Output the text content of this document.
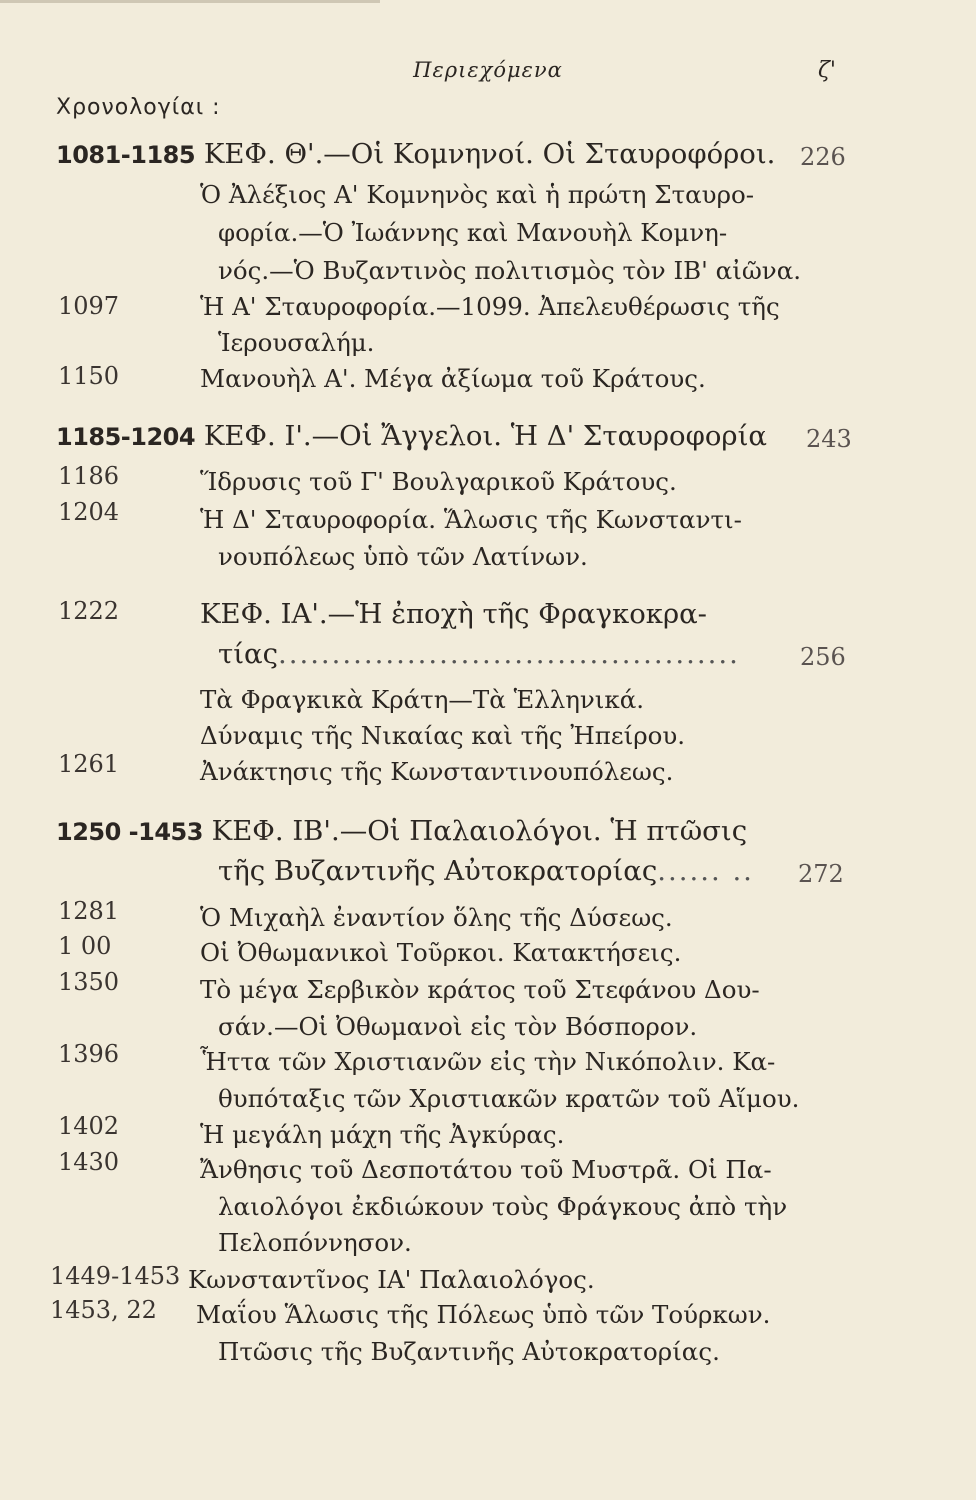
Περιεχόμενα	ζ'
Χρονολογίαι :
1081-1185 ΚΕΦ. Θ'.—Οἱ Κομνηνοί. Οἱ Σταυροφόροι. 226
Ὁ Ἀλέξιος Α' Κομνηνὸς καὶ ἡ πρώτη Σταυρο-
φορία.—Ὁ Ἰωάννης καὶ Μανουὴλ Κομνη-
νός.—Ὁ Βυζαντινὸς πολιτισμὸς τὸν ΙΒ' αἰῶνα.
1097	Ἡ Α' Σταυροφορία.—1099. Ἀπελευθέρωσις τῆς
Ἱερουσαλήμ.
1150	Μανουὴλ Α'. Μέγα ἀξίωμα τοῦ Κράτους.
1185-1204 ΚΕΦ. Ι'.—Οἱ Ἄγγελοι. Ἡ Δ' Σταυροφορία 243
1186	Ἵδρυσις τοῦ Γ' Βουλγαρικοῦ Κράτους.
1204	Ἡ Δ' Σταυροφορία. Ἅλωσις τῆς Κωνσταντι-
νουπόλεως ὑπὸ τῶν Λατίνων.
1222	ΚΕΦ. ΙΑ'.—Ἡ ἐποχὴ τῆς Φραγκοκρα-
τίας...........................................	256
Τὰ Φραγκικὰ Κράτη—Τὰ Ἑλληνικά.
Δύναμις τῆς Νικαίας καὶ τῆς Ἠπείρου.
1261	Ἀνάκτησις τῆς Κωνσταντινουπόλεως.
1250 -1453 ΚΕΦ. ΙΒ'.—Οἱ Παλαιολόγοι. Ἡ πτῶσις
τῆς Βυζαντινῆς Αὐτοκρατορίας...... .. 272
1281	Ὁ Μιχαὴλ ἐναντίον ὅλης τῆς Δύσεως.
1 00	Οἱ Ὀθωμανικοὶ Τοῦρκοι. Κατακτήσεις.
1350	Τὸ μέγα Σερβικὸν κράτος τοῦ Στεφάνου Δου-
σάν.—Οἱ Ὀθωμανοὶ εἰς τὸν Βόσπορον.
1396	Ἧττα τῶν Χριστιανῶν εἰς τὴν Νικόπολιν. Κα-
θυπόταξις τῶν Χριστιακῶν κρατῶν τοῦ Αἵμου.
1402	Ἡ μεγάλη μάχη τῆς Ἀγκύρας.
1430	Ἄνθησις τοῦ Δεσποτάτου τοῦ Μυστρᾶ. Οἱ Πα-
λαιολόγοι ἐκδιώκουν τοὺς Φράγκους ἀπὸ τὴν
Πελοπόννησον.
1449-1453 Κωνσταντῖνος ΙΑ' Παλαιολόγος.
1453, 22 Μαΐου Ἅλωσις τῆς Πόλεως ὑπὸ τῶν Τούρκων.
Πτῶσις τῆς Βυζαντινῆς Αὐτοκρατορίας.
